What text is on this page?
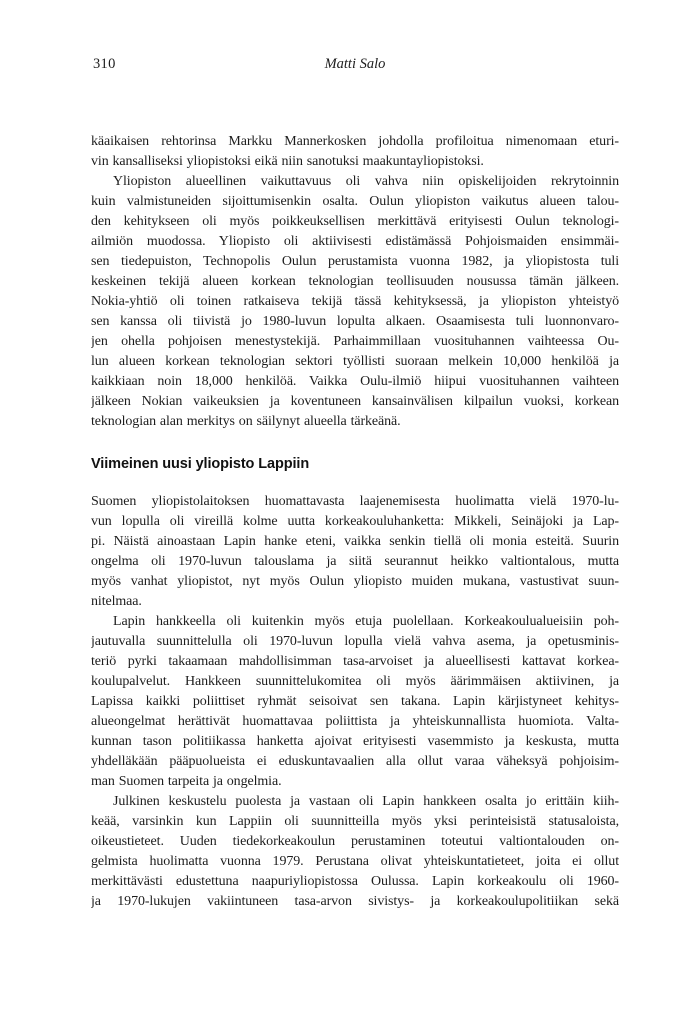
310	Matti Salo

käaikaisen rehtorinsa Markku Mannerkosken johdolla profiloitua nimenomaan eturi-
vin kansalliseksi yliopistoksi eikä niin sanotuksi maakuntayliopistoksi.

Yliopiston alueellinen vaikuttavuus oli vahva niin opiskelijoiden rekrytoinnin
kuin valmistuneiden sijoittumisenkin osalta. Oulun yliopiston vaikutus alueen talou-
den kehitykseen oli myös poikkeuksellisen merkittävä erityisesti Oulun teknologi-
ailmiön muodossa. Yliopisto oli aktiivisesti edistämässä Pohjoismaiden ensimmäi-
sen tiedepuiston, Technopolis Oulun perustamista vuonna 1982, ja yliopistosta tuli
keskeinen tekijä alueen korkean teknologian teollisuuden nousussa tämän jälkeen.
Nokia-yhtiö oli toinen ratkaiseva tekijä tässä kehityksessä, ja yliopiston yhteistyö
sen kanssa oli tiivistä jo 1980-luvun lopulta alkaen. Osaamisesta tuli luonnonvaro-
jen ohella pohjoisen menestystekijä. Parhaimmillaan vuosituhannen vaihteessa Ou-
lun alueen korkean teknologian sektori työllisti suoraan melkein 10,000 henkilöä ja
kaikkiaan noin 18,000 henkilöä. Vaikka Oulu-ilmiö hiipui vuosituhannen vaihteen
jälkeen Nokian vaikeuksien ja koventuneen kansainvälisen kilpailun vuoksi, korkean
teknologian alan merkitys on säilynyt alueella tärkeänä.

Viimeinen uusi yliopisto Lappiin

Suomen yliopistolaitoksen huomattavasta laajenemisesta huolimatta vielä 1970-lu-
vun lopulla oli vireillä kolme uutta korkeakouluhanketta: Mikkeli, Seinäjoki ja Lap-
pi. Näistä ainoastaan Lapin hanke eteni, vaikka senkin tiellä oli monia esteitä. Suurin
ongelma oli 1970-luvun talouslama ja siitä seurannut heikko valtiontalous, mutta
myös vanhat yliopistot, nyt myös Oulun yliopisto muiden mukana, vastustivat suun-
nitelmaa.

Lapin hankkeella oli kuitenkin myös etuja puolellaan. Korkeakoulualueisiin poh-
jautuvalla suunnittelulla oli 1970-luvun lopulla vielä vahva asema, ja opetusminis-
teriö pyrki takaamaan mahdollisimman tasa-arvoiset ja alueellisesti kattavat korkea-
koulupalvelut. Hankkeen suunnittelukomitea oli myös äärimmäisen aktiivinen, ja
Lapissa kaikki poliittiset ryhmät seisoivat sen takana. Lapin kärjistyneet kehitys-
alueongelmat herättivät huomattavaa poliittista ja yhteiskunnallista huomiota. Valta-
kunnan tason politiikassa hanketta ajoivat erityisesti vasemmisto ja keskusta, mutta
yhdelläkään pääpuolueista ei eduskuntavaalien alla ollut varaa väheksyä pohjoisim-
man Suomen tarpeita ja ongelmia.

Julkinen keskustelu puolesta ja vastaan oli Lapin hankkeen osalta jo erittäin kiih-
keää, varsinkin kun Lappiin oli suunnitteilla myös yksi perinteisistä statusaloista,
oikeustieteet. Uuden tiedekorkeakoulun perustaminen toteutui valtiontalouden on-
gelmista huolimatta vuonna 1979. Perustana olivat yhteiskuntatieteet, joita ei ollut
merkittävästi edustettuna naapuriyliopistossa Oulussa. Lapin korkeakoulu oli 1960-
ja 1970-lukujen vakiintuneen tasa-arvon sivistys- ja korkeakoulupolitiikan sekä
